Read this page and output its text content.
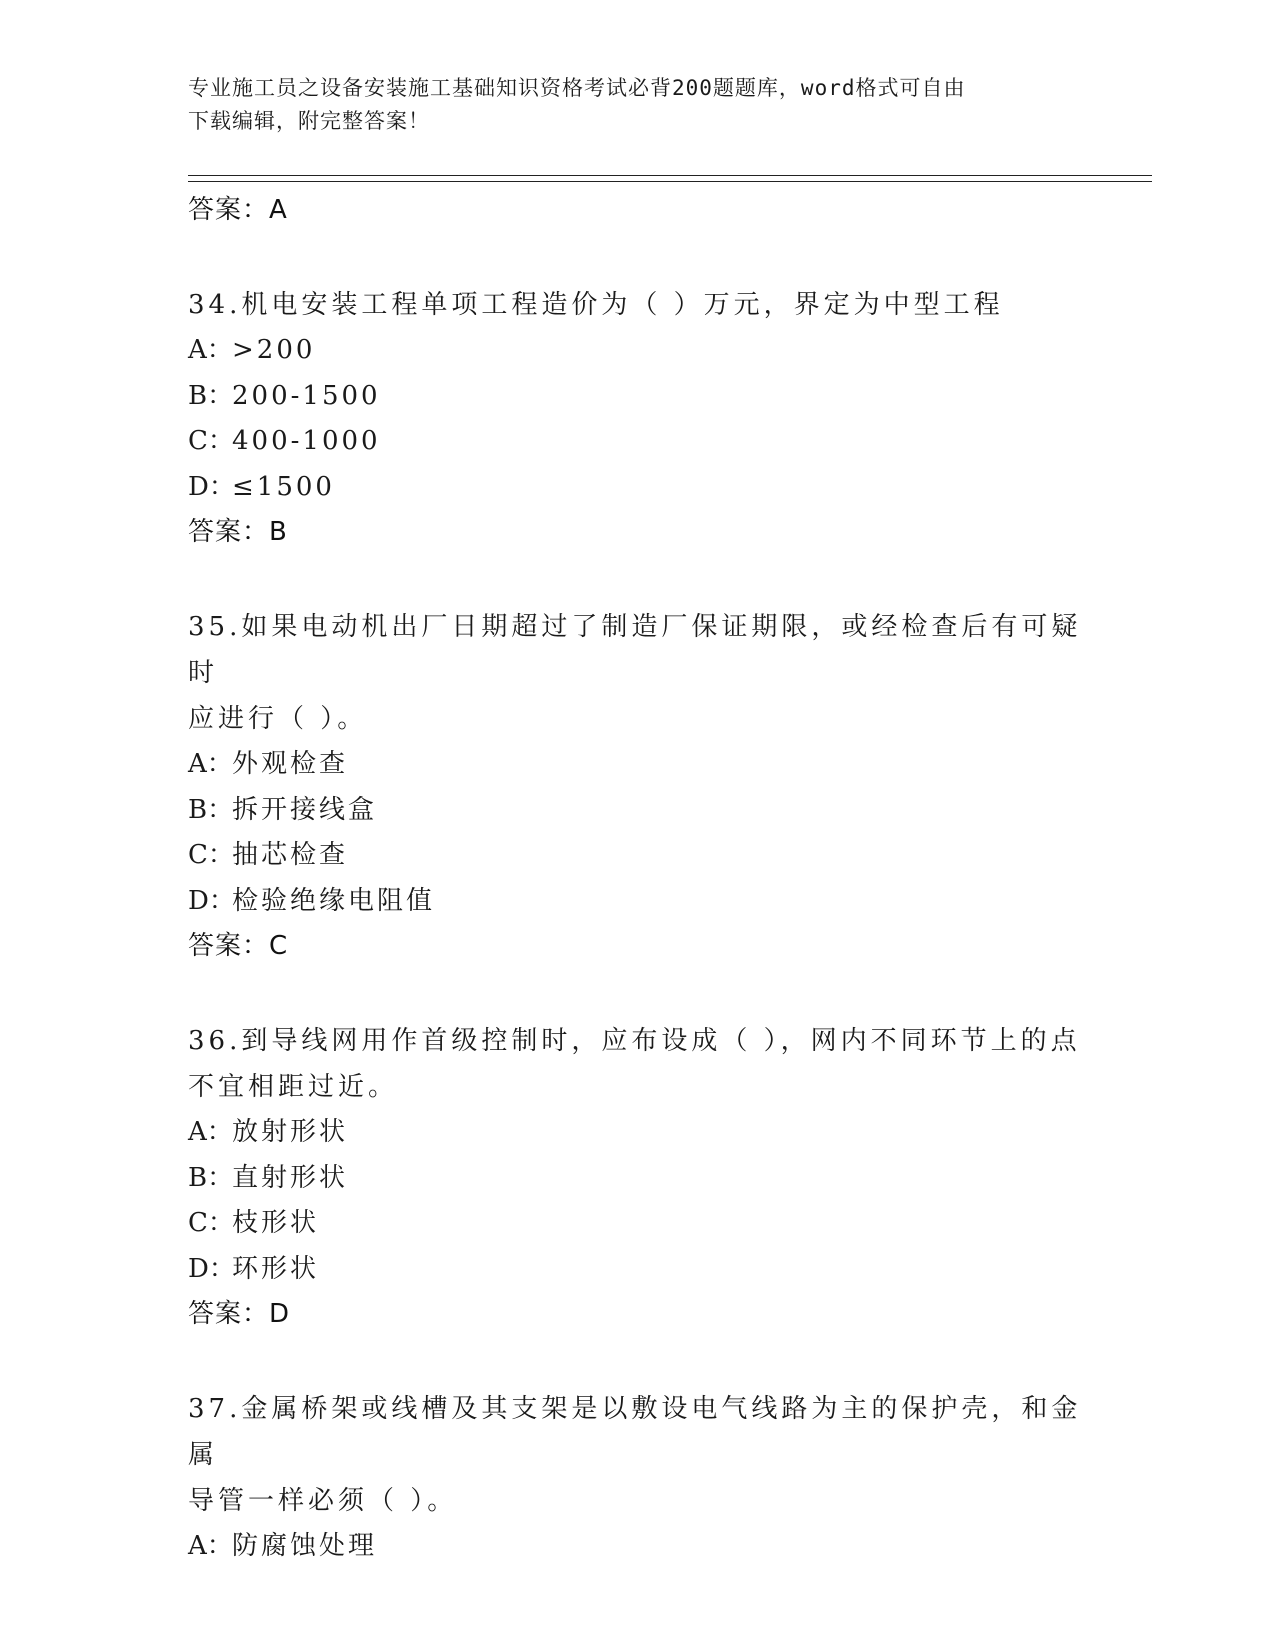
专业施工员之设备安装施工基础知识资格考试必背200题题库，word格式可自由
下载编辑，附完整答案！
答案：A
34.机电安装工程单项工程造价为（ ）万元，界定为中型工程
A：>200
B：200-1500
C：400-1000
D：≤1500
答案：B
35.如果电动机出厂日期超过了制造厂保证期限，或经检查后有可疑时
应进行（ ）。
A：外观检查
B：拆开接线盒
C：抽芯检查
D：检验绝缘电阻值
答案：C
36.到导线网用作首级控制时，应布设成（ ），网内不同环节上的点
不宜相距过近。
A：放射形状
B：直射形状
C：枝形状
D：环形状
答案：D
37.金属桥架或线槽及其支架是以敷设电气线路为主的保护壳，和金属
导管一样必须（ ）。
A：防腐蚀处理
